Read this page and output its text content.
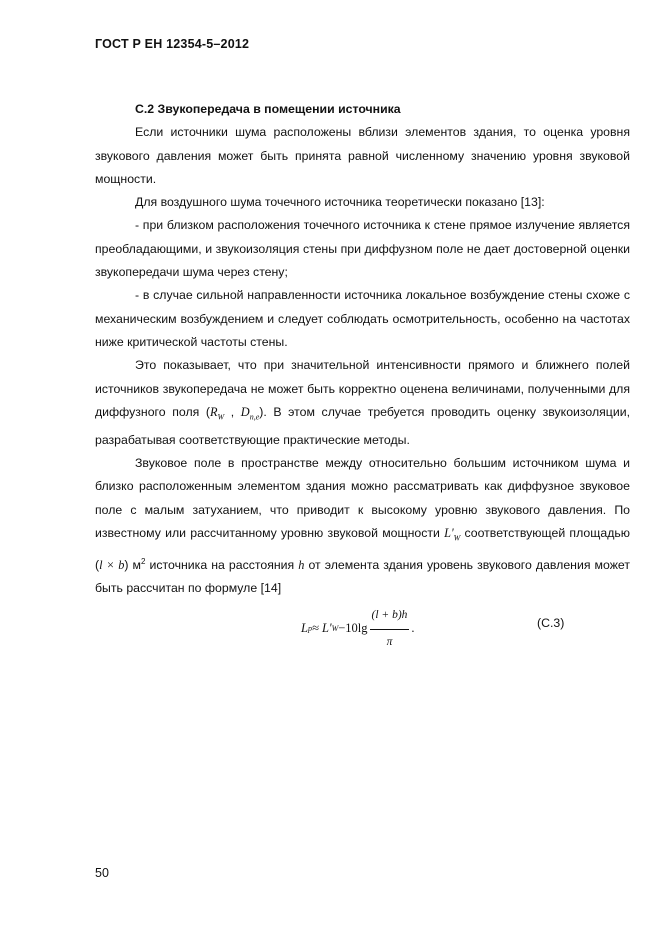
ГОСТ Р ЕН 12354-5–2012

С.2 Звукопередача в помещении источника

Если источники шума расположены вблизи элементов здания, то оценка уровня звукового давления может быть принята равной численному значению уровня звуковой мощности.

Для воздушного шума точечного источника теоретически показано [13]:

- при близком расположения точечного источника к стене прямое излучение является преобладающими, и звукоизоляция стены при диффузном поле не дает достоверной оценки звукопередачи шума через стену;

- в случае сильной направленности источника локальное возбуждение стены схоже с механическим возбуждением и следует соблюдать осмотрительность, особенно на частотах ниже критической частоты стены.

Это показывает, что при значительной интенсивности прямого и ближнего полей источников звукопередача не может быть корректно оценена величинами, полученными для диффузного поля ($R_W$ , $D_{n,e}$). В этом случае требуется проводить оценку звукоизоляции, разрабатывая соответствующие практические методы.

Звуковое поле в пространстве между относительно большим источником шума и близко расположенным элементом здания можно рассматривать как диффузное звуковое поле с малым затуханием, что приводит к высокому уровню звукового давления. По известному или рассчитанному уровню звуковой мощности $L'_W$ соответствующей площадью (l × b) $м^2$ источника на расстояния h от элемента здания уровень звукового давления может быть рассчитан по формуле [14]

L p ≈ L' $W -10\lg \frac{(l + b)h}{\pi}$ .	(С.3)
50
